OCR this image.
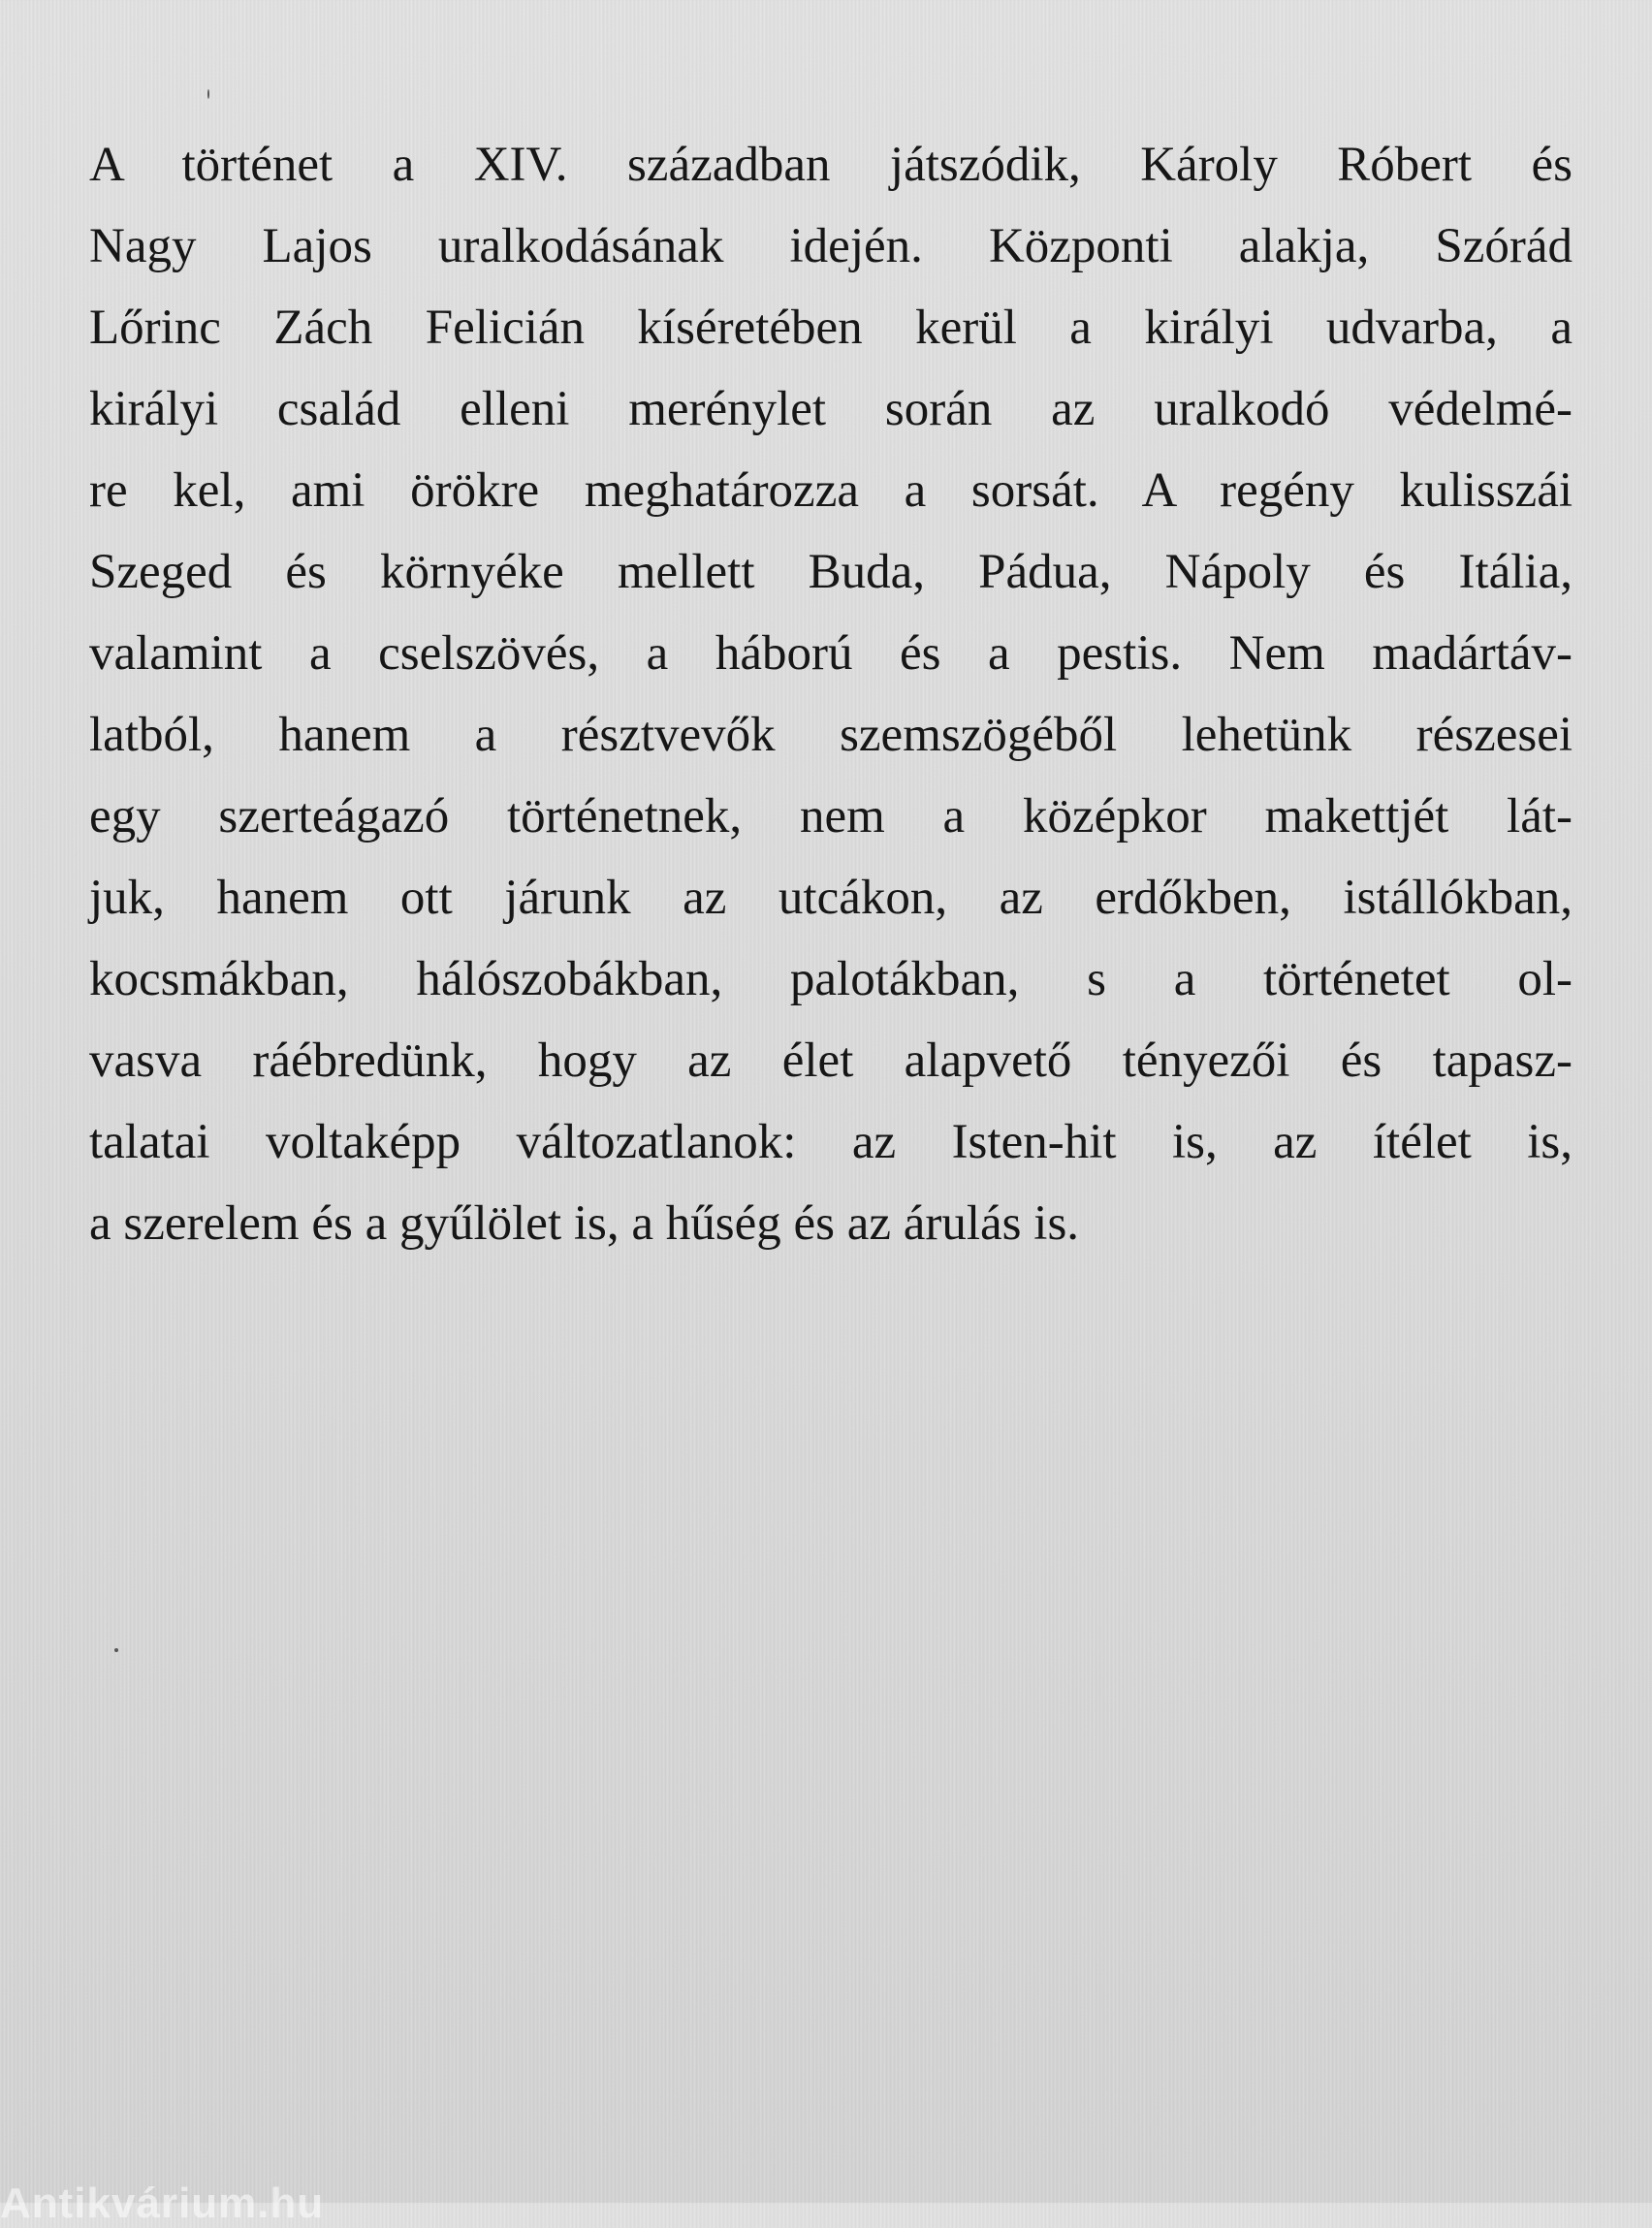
A történet a XIV. században játszódik, Károly Róbert és
Nagy Lajos uralkodásának idején. Központi alakja, Szórád
Lőrinc Zách Felicián kíséretében kerül a királyi udvarba, a
királyi család elleni merénylet során az uralkodó védelmé-
re kel, ami örökre meghatározza a sorsát. A regény kulisszái
Szeged és környéke mellett Buda, Pádua, Nápoly és Itália,
valamint a cselszövés, a háború és a pestis. Nem madártáv-
latból, hanem a résztvevők szemszögéből lehetünk részesei
egy szerteágazó történetnek, nem a középkor makettjét lát-
juk, hanem ott járunk az utcákon, az erdőkben, istállókban,
kocsmákban, hálószobákban, palotákban, s a történetet ol-
vasva ráébredünk, hogy az élet alapvető tényezői és tapasz-
talatai voltaképp változatlanok: az Isten-hit is, az ítélet is,
a szerelem és a gyűlölet is, a hűség és az árulás is.

Antikvárium.hu
